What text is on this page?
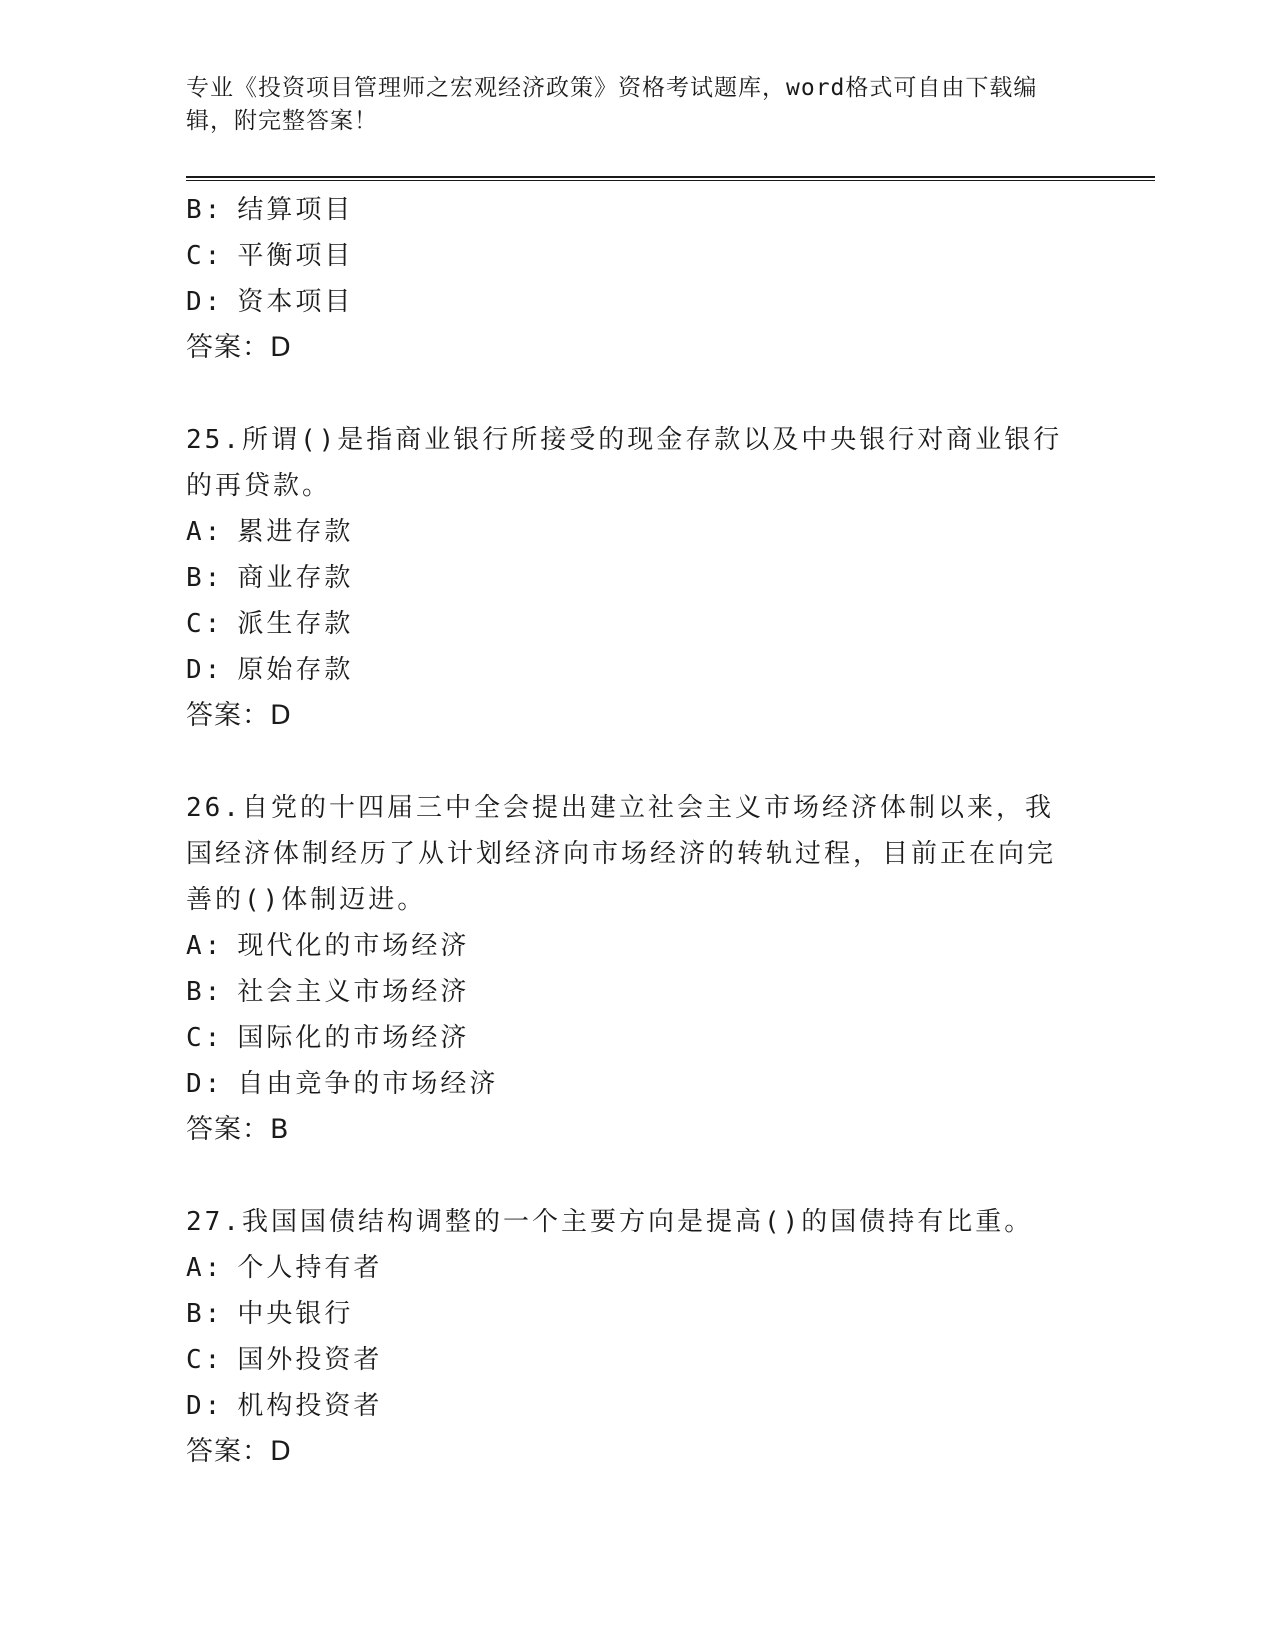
专业《投资项目管理师之宏观经济政策》资格考试题库，word格式可自由下载编辑，附完整答案！
B: 结算项目
C: 平衡项目
D: 资本项目
答案：D
25.所谓()是指商业银行所接受的现金存款以及中央银行对商业银行的再贷款。
A: 累进存款
B: 商业存款
C: 派生存款
D: 原始存款
答案：D
26.自党的十四届三中全会提出建立社会主义市场经济体制以来，我国经济体制经历了从计划经济向市场经济的转轨过程，目前正在向完善的()体制迈进。
A: 现代化的市场经济
B: 社会主义市场经济
C: 国际化的市场经济
D: 自由竞争的市场经济
答案：B
27.我国国债结构调整的一个主要方向是提高()的国债持有比重。
A: 个人持有者
B: 中央银行
C: 国外投资者
D: 机构投资者
答案：D
